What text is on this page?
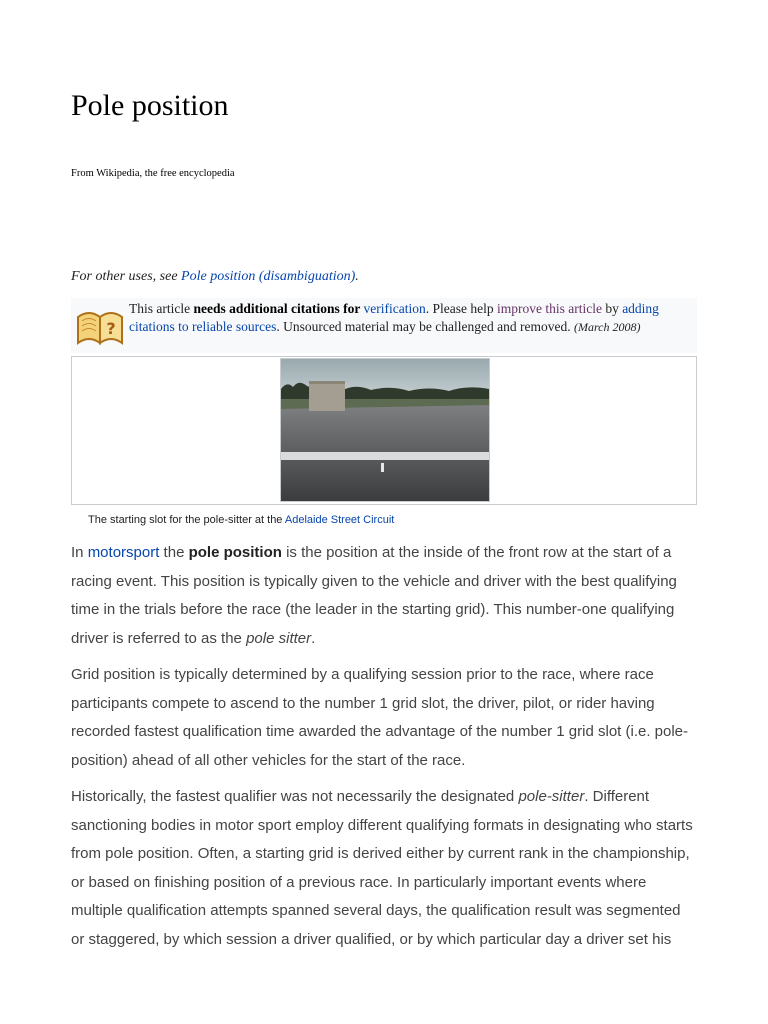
Pole position
From Wikipedia, the free encyclopedia
For other uses, see Pole position (disambiguation).
?
This article needs additional citations for verification. Please help improve this article by adding citations to reliable sources. Unsourced material may be challenged and removed. (March 2008)
The starting slot for the pole-sitter at the Adelaide Street Circuit

In motorsport the pole position is the position at the inside of the front row at the start of a racing event. This position is typically given to the vehicle and driver with the best qualifying time in the trials before the race (the leader in the starting grid). This number-one qualifying driver is referred to as the pole sitter.

Grid position is typically determined by a qualifying session prior to the race, where race participants compete to ascend to the number 1 grid slot, the driver, pilot, or rider having recorded fastest qualification time awarded the advantage of the number 1 grid slot (i.e. pole-position) ahead of all other vehicles for the start of the race.

Historically, the fastest qualifier was not necessarily the designated pole-sitter. Different sanctioning bodies in motor sport employ different qualifying formats in designating who starts from pole position. Often, a starting grid is derived either by current rank in the championship, or based on finishing position of a previous race. In particularly important events where multiple qualification attempts spanned several days, the qualification result was segmented or staggered, by which session a driver qualified, or by which particular day a driver set his
